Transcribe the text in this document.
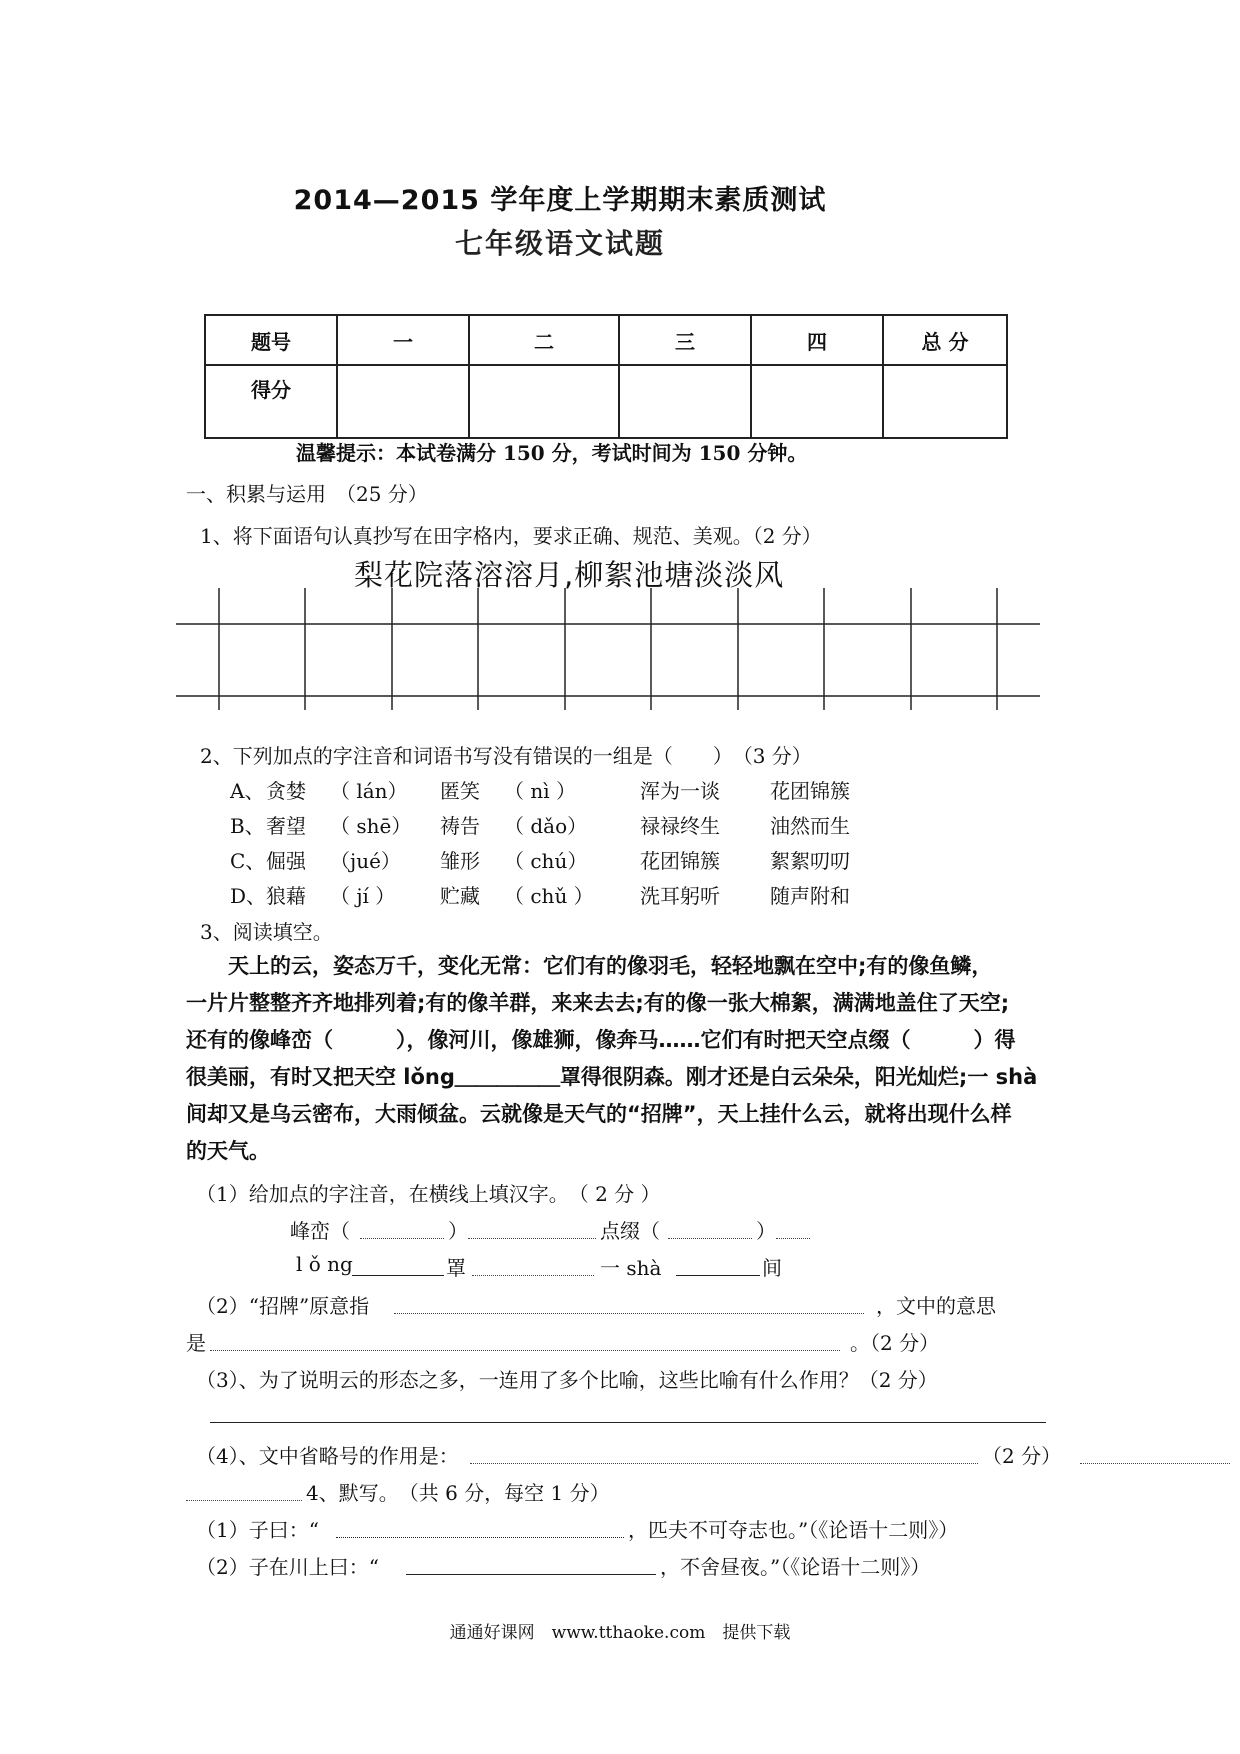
2014—2015 学年度上学期期末素质测试
七年级语文试题
题号	一	二	三	四	总 分
得分					
温馨提示：本试卷满分 150 分，考试时间为 150 分钟。
一、积累与运用　（25 分）
1、将下面语句认真抄写在田字格内，要求正确、规范、美观。（2 分）
梨花院落溶溶月,柳絮池塘淡淡风
2、下列加点的字注音和词语书写没有错误的一组是（　　）　（3 分）
A、 贪婪 （ lán） 匿笑 （ nì ）	浑为一谈	花团锦簇
B、 奢望 （ shē） 祷告 （ dǎo）	禄禄终生	油然而生
C、 倔强 （jué） 雏形 （ chú）	花团锦簇	絮絮叨叨
D、 狼藉 （ jí ） 贮藏 （ chǔ ） 洗耳躬听	随声附和
3、阅读填空。

　　天上的云，姿态万千，变化无常：它们有的像羽毛，轻轻地飘在空中;有的像鱼鳞，

一片片整整齐齐地排列着;有的像羊群，来来去去;有的像一张大棉絮，满满地盖住了天空;

还有的像峰峦（　　　），像河川，像雄狮，像奔马……它们有时把天空点缀（　　　）得

很美丽，有时又把天空 lǒng＿＿＿＿＿罩得很阴森。刚才还是白云朵朵，阳光灿烂;一 shà

间却又是乌云密布，大雨倾盆。云就像是天气的“招牌”，天上挂什么云，就将出现什么样

的天气。

（1）给加点的字注音，在横线上填汉字。　（ 2 分 ）
峰峦（	）	点缀（	）
l ǒ ng	罩	一 shà	间
（2）“招牌”原意指	，文中的意思
是	。（2 分）
（3）、为了说明云的形态之多，一连用了多个比喻，这些比喻有什么作用？（2 分）
（4）、文中省略号的作用是：	（2 分）
4、默写。　（共 6 分，每空 1 分）
（1）子曰：“	，匹夫不可夺志也。”（《论语十二则》）
（2）子在川上曰：“	，不舍昼夜。”（《论语十二则》）
通通好课网　www.tthaoke.com　提供下载
